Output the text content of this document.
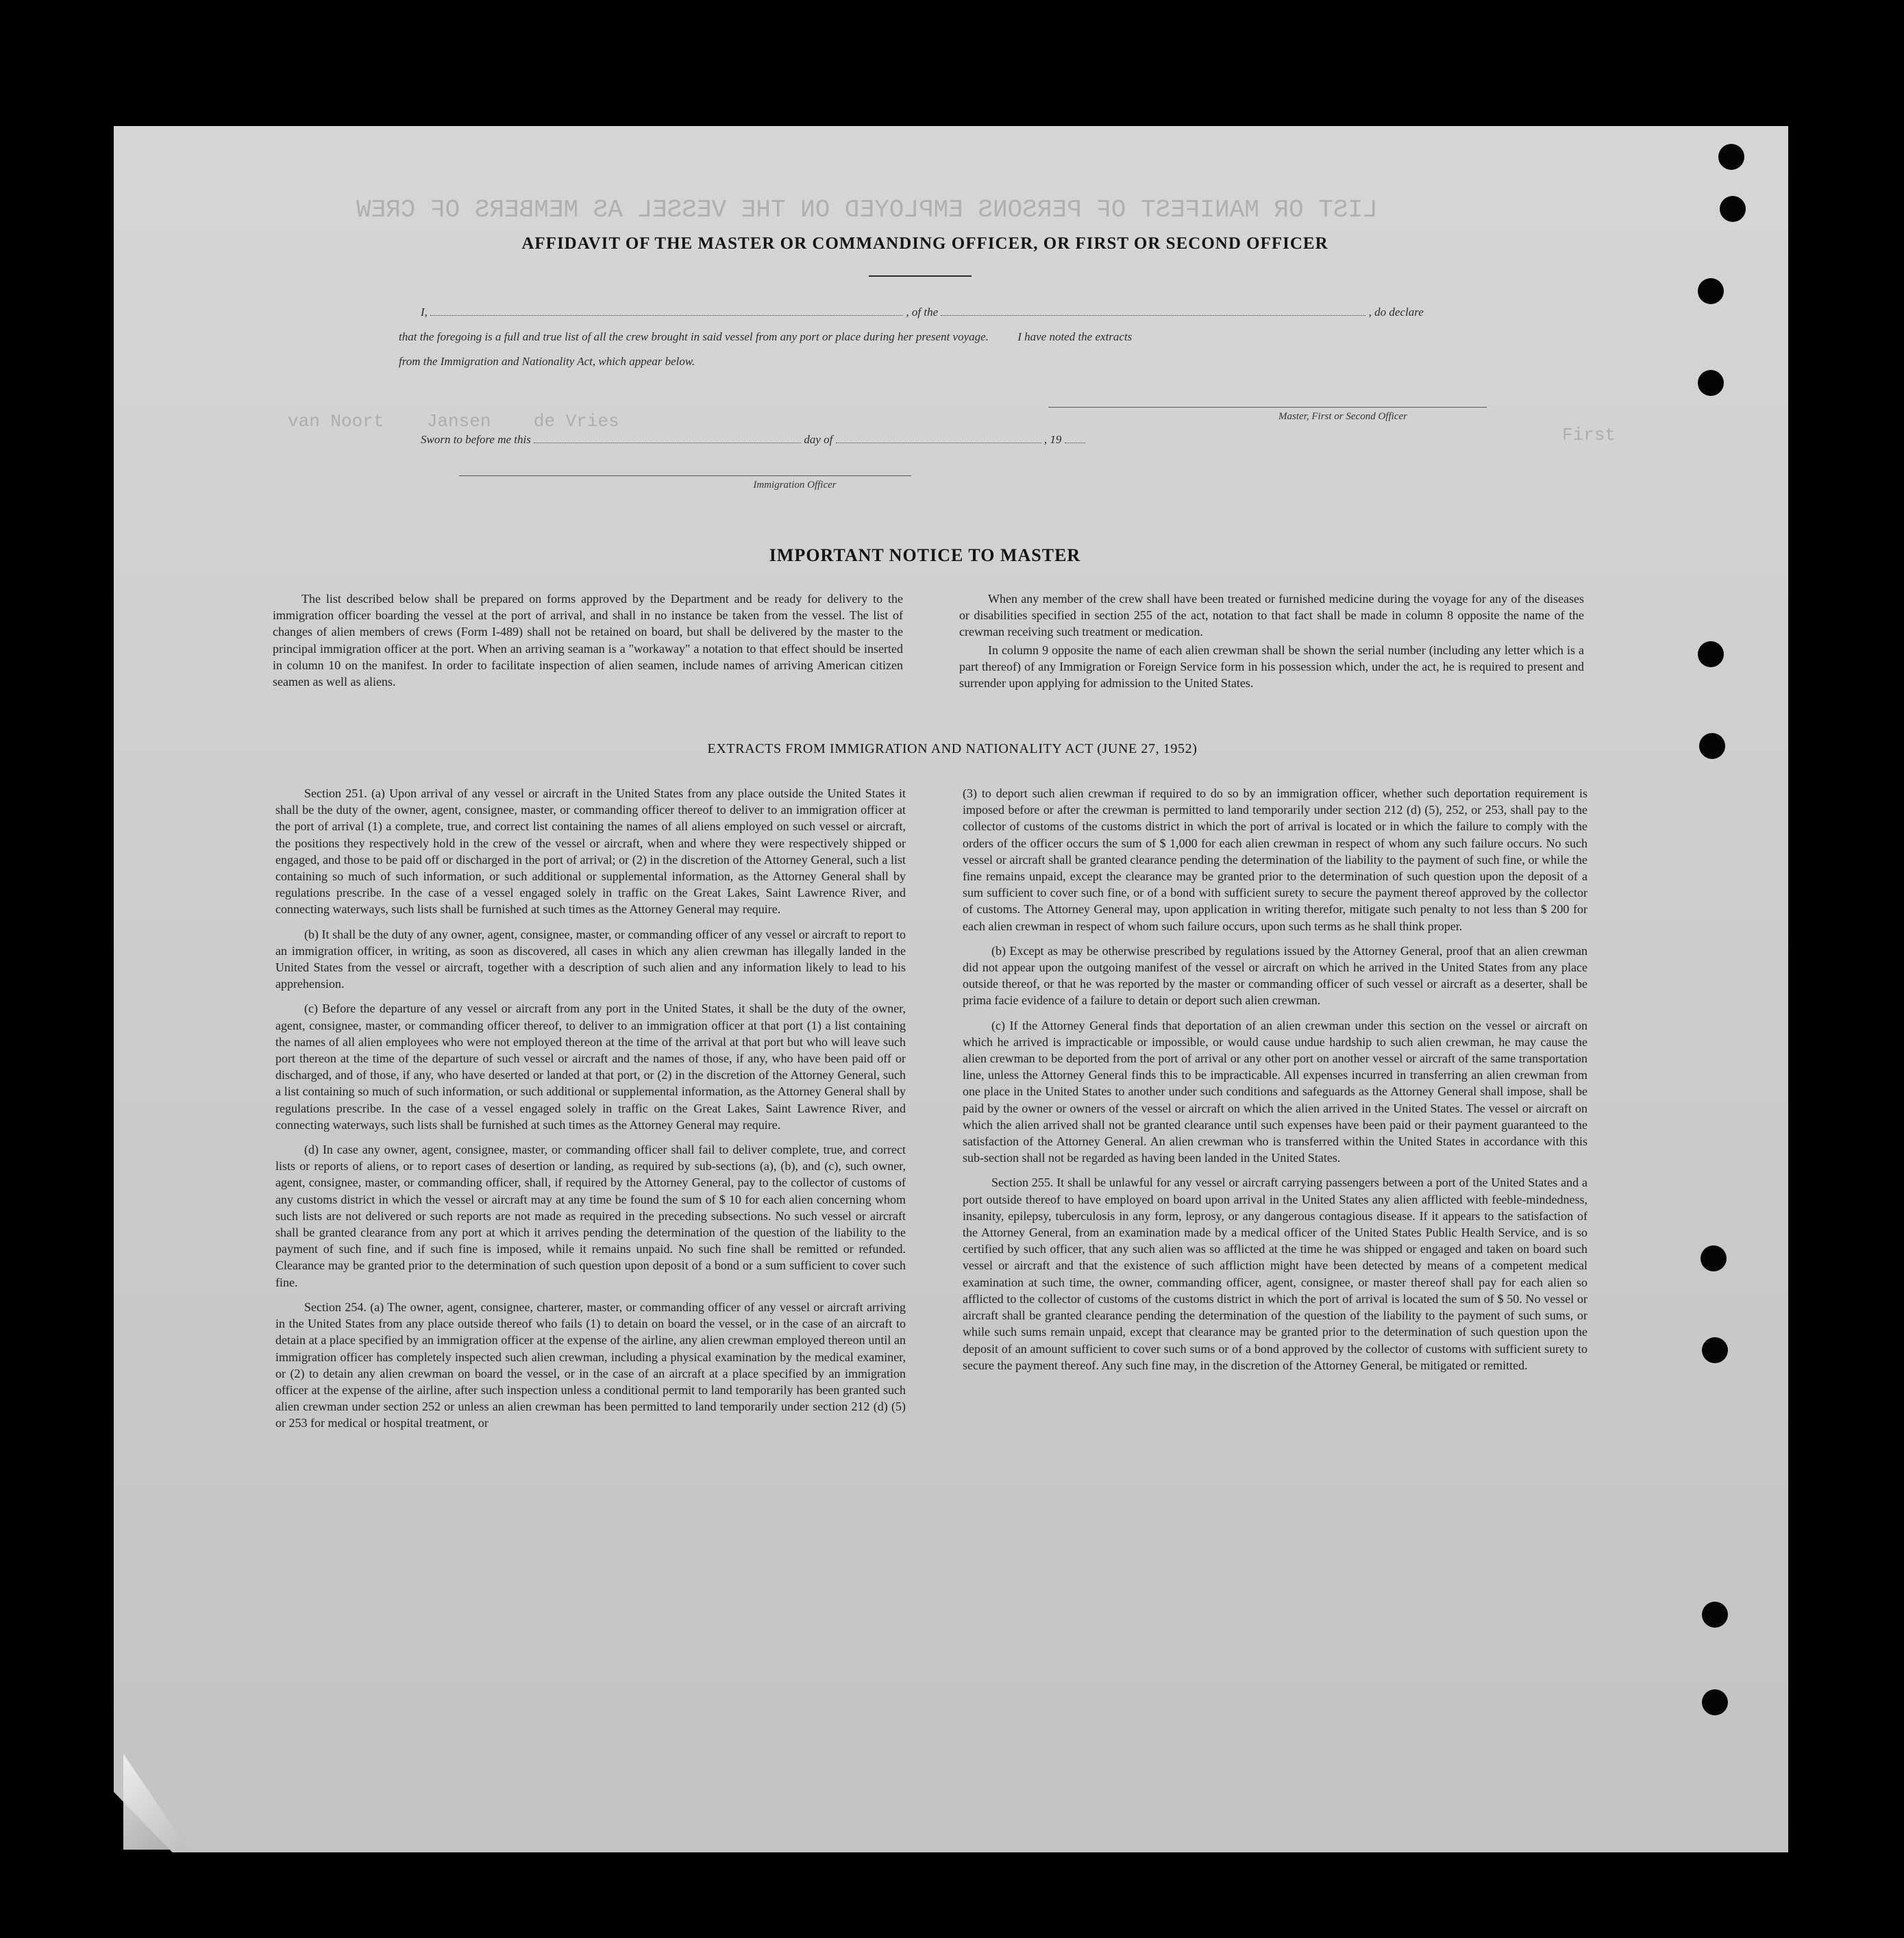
LIST OR MANIFEST OF PERSONS EMPLOYED ON THE VESSEL AS MEMBERS OF CREW
van Noort    Jansen    de Vries
First
AFFIDAVIT OF THE MASTER OR COMMANDING OFFICER, OR FIRST OR SECOND OFFICER
I,	, of the	, do declare
that the foregoing is a full and true list of all the crew brought in said vessel from any port or place during her present voyage. I have noted the extracts
from the Immigration and Nationality Act, which appear below.
Master, First or Second Officer
Sworn to before me this	day of	, 19
Immigration Officer
IMPORTANT NOTICE TO MASTER

The list described below shall be prepared on forms approved by the Department and be ready for delivery to the immigration officer boarding the vessel at the port of arrival, and shall in no instance be taken from the vessel. The list of changes of alien members of crews (Form I-489) shall not be retained on board, but shall be delivered by the master to the principal immigration officer at the port. When an arriving seaman is a "workaway" a notation to that effect should be inserted in column 10 on the manifest. In order to facilitate inspection of alien seamen, include names of arriving American citizen seamen as well as aliens.

When any member of the crew shall have been treated or furnished medicine during the voyage for any of the diseases or disabilities specified in section 255 of the act, notation to that fact shall be made in column 8 opposite the name of the crewman receiving such treatment or medication.

In column 9 opposite the name of each alien crewman shall be shown the serial number (including any letter which is a part thereof) of any Immigration or Foreign Service form in his possession which, under the act, he is required to present and surrender upon applying for admission to the United States.

EXTRACTS FROM IMMIGRATION AND NATIONALITY ACT (JUNE 27, 1952)

Section 251. (a) Upon arrival of any vessel or aircraft in the United States from any place outside the United States it shall be the duty of the owner, agent, consignee, master, or commanding officer thereof to deliver to an immigration officer at the port of arrival (1) a complete, true, and correct list containing the names of all aliens employed on such vessel or aircraft, the positions they respectively hold in the crew of the vessel or aircraft, when and where they were respectively shipped or engaged, and those to be paid off or discharged in the port of arrival; or (2) in the discretion of the Attorney General, such a list containing so much of such information, or such additional or supplemental information, as the Attorney General shall by regulations prescribe. In the case of a vessel engaged solely in traffic on the Great Lakes, Saint Lawrence River, and connecting waterways, such lists shall be furnished at such times as the Attorney General may require.

(b) It shall be the duty of any owner, agent, consignee, master, or commanding officer of any vessel or aircraft to report to an immigration officer, in writing, as soon as discovered, all cases in which any alien crewman has illegally landed in the United States from the vessel or aircraft, together with a description of such alien and any information likely to lead to his apprehension.

(c) Before the departure of any vessel or aircraft from any port in the United States, it shall be the duty of the owner, agent, consignee, master, or commanding officer thereof, to deliver to an immigration officer at that port (1) a list containing the names of all alien employees who were not employed thereon at the time of the arrival at that port but who will leave such port thereon at the time of the departure of such vessel or aircraft and the names of those, if any, who have been paid off or discharged, and of those, if any, who have deserted or landed at that port, or (2) in the discretion of the Attorney General, such a list containing so much of such information, or such additional or supplemental information, as the Attorney General shall by regulations prescribe. In the case of a vessel engaged solely in traffic on the Great Lakes, Saint Lawrence River, and connecting waterways, such lists shall be furnished at such times as the Attorney General may require.

(d) In case any owner, agent, consignee, master, or commanding officer shall fail to deliver complete, true, and correct lists or reports of aliens, or to report cases of desertion or landing, as required by sub-sections (a), (b), and (c), such owner, agent, consignee, master, or commanding officer, shall, if required by the Attorney General, pay to the collector of customs of any customs district in which the vessel or aircraft may at any time be found the sum of $ 10 for each alien concerning whom such lists are not delivered or such reports are not made as required in the preceding subsections. No such vessel or aircraft shall be granted clearance from any port at which it arrives pending the determination of the question of the liability to the payment of such fine, and if such fine is imposed, while it remains unpaid. No such fine shall be remitted or refunded. Clearance may be granted prior to the determination of such question upon deposit of a bond or a sum sufficient to cover such fine.

Section 254. (a) The owner, agent, consignee, charterer, master, or commanding officer of any vessel or aircraft arriving in the United States from any place outside thereof who fails (1) to detain on board the vessel, or in the case of an aircraft to detain at a place specified by an immigration officer at the expense of the airline, any alien crewman employed thereon until an immigration officer has completely inspected such alien crewman, including a physical examination by the medical examiner, or (2) to detain any alien crewman on board the vessel, or in the case of an aircraft at a place specified by an immigration officer at the expense of the airline, after such inspection unless a conditional permit to land temporarily has been granted such alien crewman under section 252 or unless an alien crewman has been permitted to land temporarily under section 212 (d) (5) or 253 for medical or hospital treatment, or

(3) to deport such alien crewman if required to do so by an immigration officer, whether such deportation requirement is imposed before or after the crewman is permitted to land temporarily under section 212 (d) (5), 252, or 253, shall pay to the collector of customs of the customs district in which the port of arrival is located or in which the failure to comply with the orders of the officer occurs the sum of $ 1,000 for each alien crewman in respect of whom any such failure occurs. No such vessel or aircraft shall be granted clearance pending the determination of the liability to the payment of such fine, or while the fine remains unpaid, except the clearance may be granted prior to the determination of such question upon the deposit of a sum sufficient to cover such fine, or of a bond with sufficient surety to secure the payment thereof approved by the collector of customs. The Attorney General may, upon application in writing therefor, mitigate such penalty to not less than $ 200 for each alien crewman in respect of whom such failure occurs, upon such terms as he shall think proper.

(b) Except as may be otherwise prescribed by regulations issued by the Attorney General, proof that an alien crewman did not appear upon the outgoing manifest of the vessel or aircraft on which he arrived in the United States from any place outside thereof, or that he was reported by the master or commanding officer of such vessel or aircraft as a deserter, shall be prima facie evidence of a failure to detain or deport such alien crewman.

(c) If the Attorney General finds that deportation of an alien crewman under this section on the vessel or aircraft on which he arrived is impracticable or impossible, or would cause undue hardship to such alien crewman, he may cause the alien crewman to be deported from the port of arrival or any other port on another vessel or aircraft of the same transportation line, unless the Attorney General finds this to be impracticable. All expenses incurred in transferring an alien crewman from one place in the United States to another under such conditions and safeguards as the Attorney General shall impose, shall be paid by the owner or owners of the vessel or aircraft on which the alien arrived in the United States. The vessel or aircraft on which the alien arrived shall not be granted clearance until such expenses have been paid or their payment guaranteed to the satisfaction of the Attorney General. An alien crewman who is transferred within the United States in accordance with this sub-section shall not be regarded as having been landed in the United States.

Section 255. It shall be unlawful for any vessel or aircraft carrying passengers between a port of the United States and a port outside thereof to have employed on board upon arrival in the United States any alien afflicted with feeble-mindedness, insanity, epilepsy, tuberculosis in any form, leprosy, or any dangerous contagious disease. If it appears to the satisfaction of the Attorney General, from an examination made by a medical officer of the United States Public Health Service, and is so certified by such officer, that any such alien was so afflicted at the time he was shipped or engaged and taken on board such vessel or aircraft and that the existence of such affliction might have been detected by means of a competent medical examination at such time, the owner, commanding officer, agent, consignee, or master thereof shall pay for each alien so afflicted to the collector of customs of the customs district in which the port of arrival is located the sum of $ 50. No vessel or aircraft shall be granted clearance pending the determination of the question of the liability to the payment of such sums, or while such sums remain unpaid, except that clearance may be granted prior to the determination of such question upon the deposit of an amount sufficient to cover such sums or of a bond approved by the collector of customs with sufficient surety to secure the payment thereof. Any such fine may, in the discretion of the Attorney General, be mitigated or remitted.
